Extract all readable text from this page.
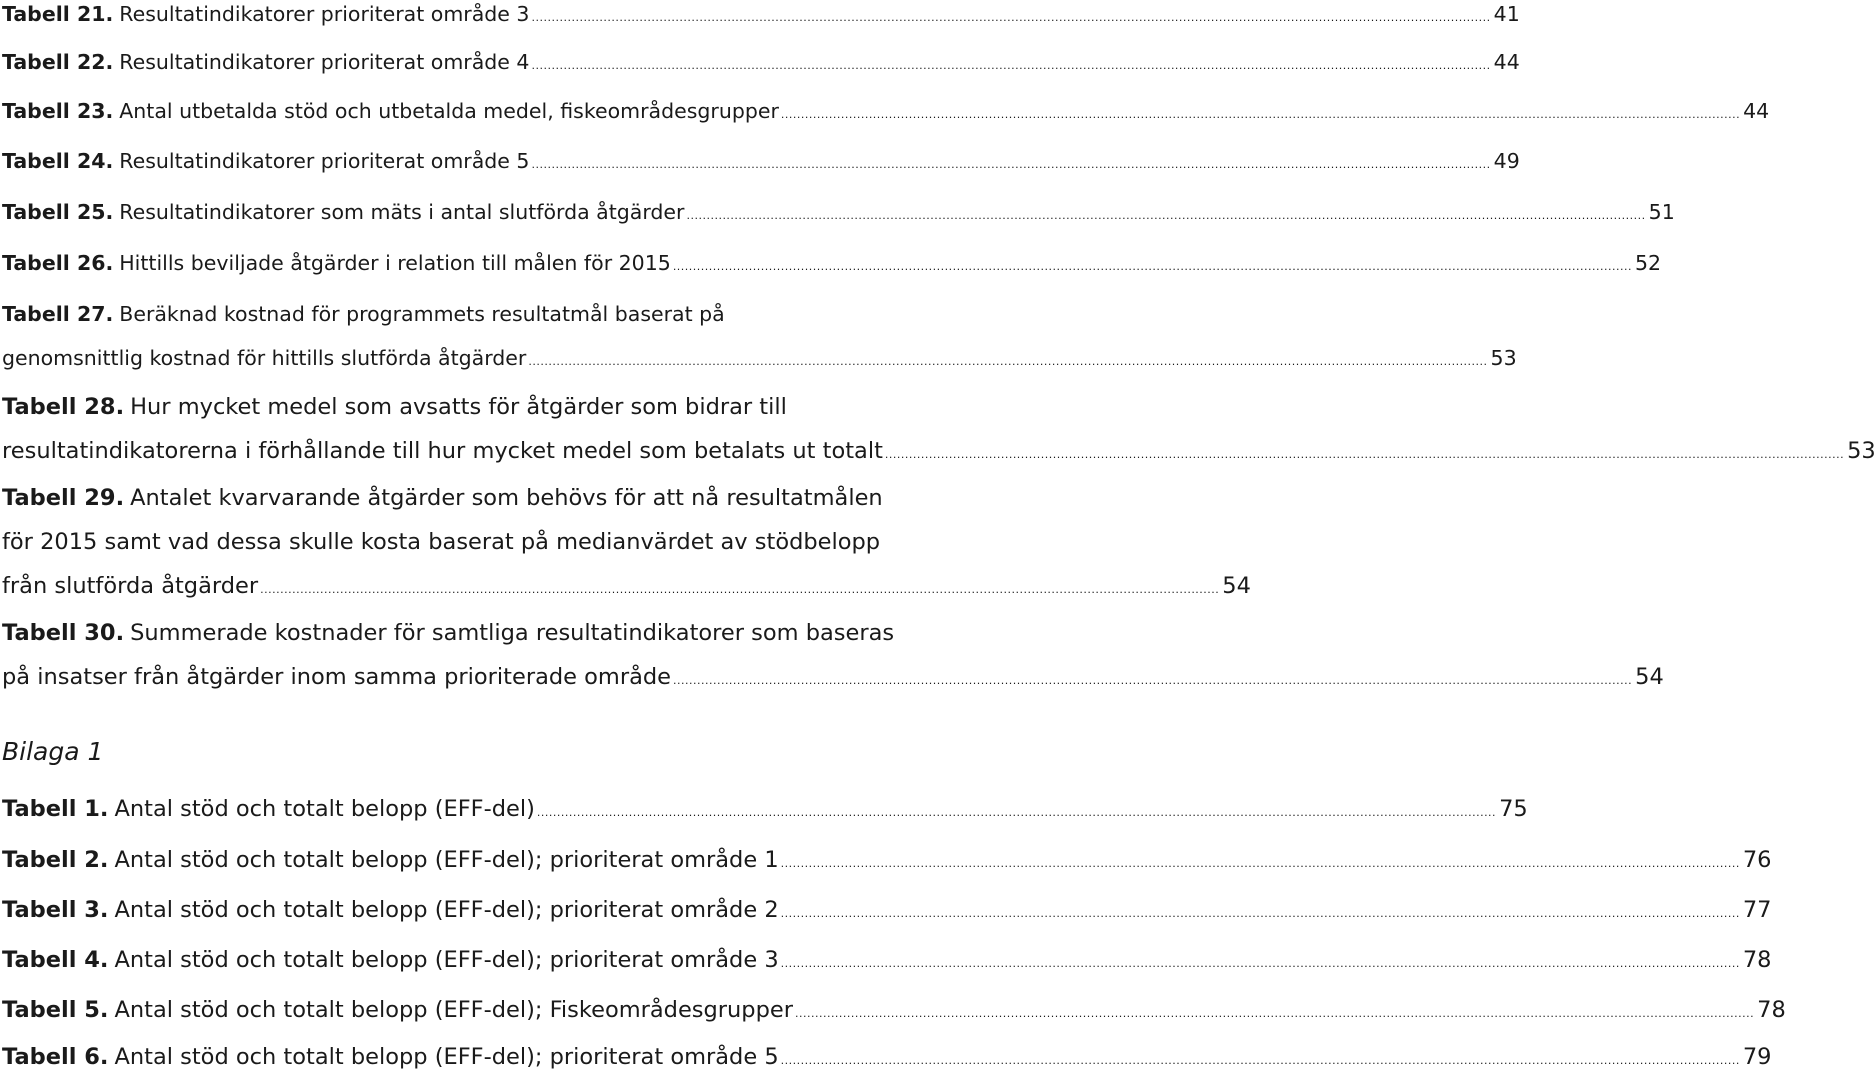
Tabell 21. Resultatindikatorer prioriterat område 3 .....	41
Tabell 22. Resultatindikatorer prioriterat område 4 .....	44
Tabell 23. Antal utbetalda stöd och utbetalda medel, fiskeområdesgrupper .....	44
Tabell 24. Resultatindikatorer prioriterat område 5 .....	49
Tabell 25. Resultatindikatorer som mäts i antal slutförda åtgärder .....	51
Tabell 26. Hittills beviljade åtgärder i relation till målen för 2015 .....	52
Tabell 27. Beräknad kostnad för programmets resultatmål baserat på
genomsnittlig kostnad för hittills slutförda åtgärder .....	53
Tabell 28. Hur mycket medel som avsatts för åtgärder som bidrar till
resultatindikatorerna i förhållande till hur mycket medel som betalats ut totalt .....	53
Tabell 29. Antalet kvarvarande åtgärder som behövs för att nå resultatmålen
för 2015 samt vad dessa skulle kosta baserat på medianvärdet av stödbelopp
från slutförda åtgärder .....	54
Tabell 30. Summerade kostnader för samtliga resultatindikatorer som baseras
på insatser från åtgärder inom samma prioriterade område .....	54
Bilaga 1
Tabell 1. Antal stöd och totalt belopp (EFF-del) .....	75
Tabell 2. Antal stöd och totalt belopp (EFF-del); prioriterat område 1 .....	76
Tabell 3. Antal stöd och totalt belopp (EFF-del); prioriterat område 2 .....	77
Tabell 4. Antal stöd och totalt belopp (EFF-del); prioriterat område 3 .....	78
Tabell 5. Antal stöd och totalt belopp (EFF-del); Fiskeområdesgrupper .....	78
Tabell 6. Antal stöd och totalt belopp (EFF-del); prioriterat område 5 .....	79
